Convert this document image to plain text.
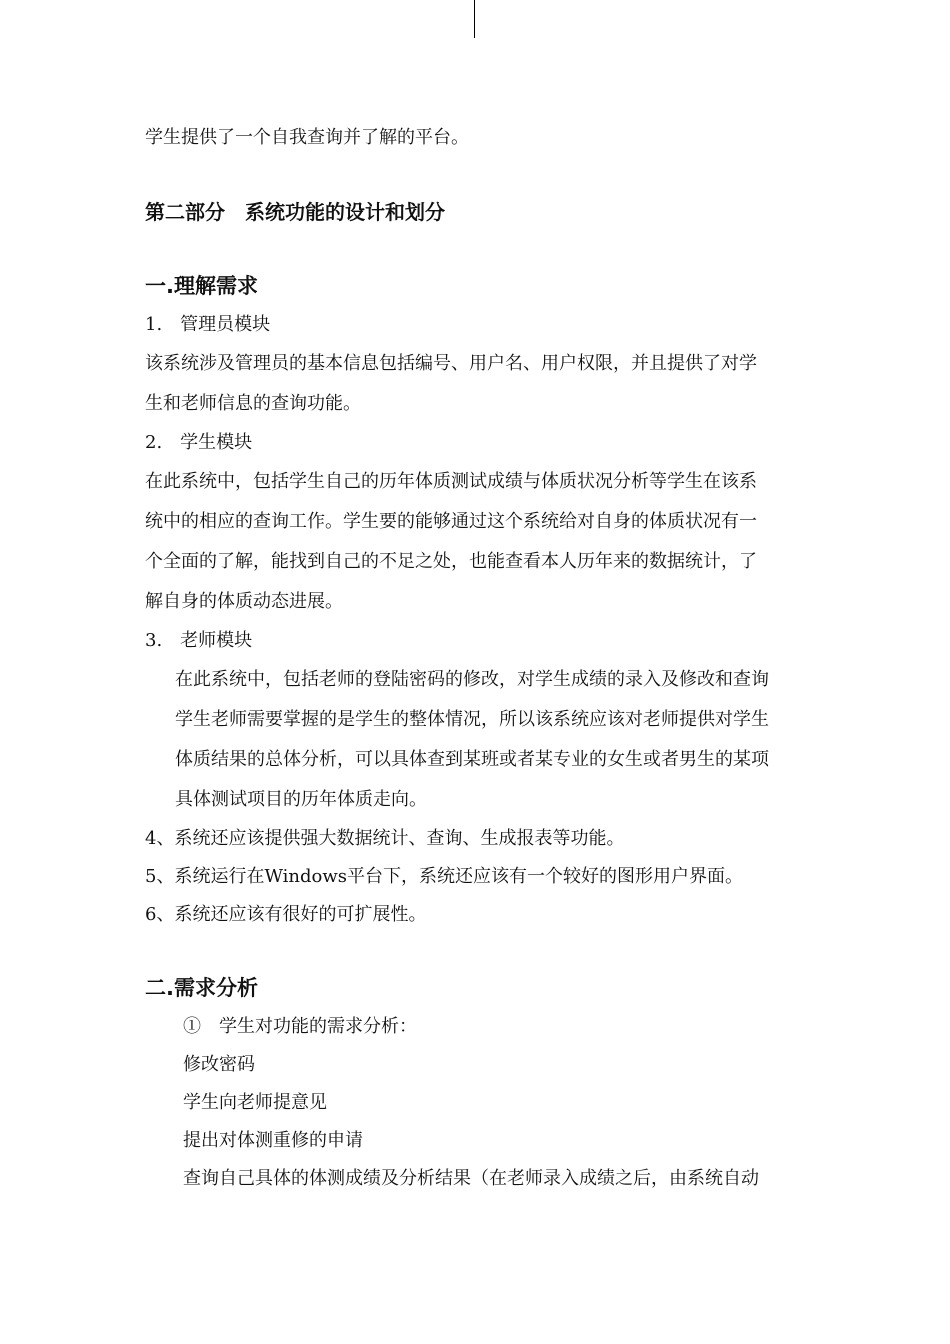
学生提供了一个自我查询并了解的平台。

第二部分　系统功能的设计和划分

一.理解需求

1.　管理员模块

该系统涉及管理员的基本信息包括编号、用户名、用户权限，并且提供了对学

生和老师信息的查询功能。

2.　学生模块

在此系统中，包括学生自己的历年体质测试成绩与体质状况分析等学生在该系

统中的相应的查询工作。学生要的能够通过这个系统给对自身的体质状况有一

个全面的了解，能找到自己的不足之处，也能查看本人历年来的数据统计，了

解自身的体质动态进展。

3.　老师模块

在此系统中，包括老师的登陆密码的修改，对学生成绩的录入及修改和查询

学生老师需要掌握的是学生的整体情况，所以该系统应该对老师提供对学生

体质结果的总体分析，可以具体查到某班或者某专业的女生或者男生的某项

具体测试项目的历年体质走向。

4、系统还应该提供强大数据统计、查询、生成报表等功能。

5、系统运行在Windows平台下，系统还应该有一个较好的图形用户界面。

6、系统还应该有很好的可扩展性。

二.需求分析

①　学生对功能的需求分析：

修改密码

学生向老师提意见

提出对体测重修的申请

查询自己具体的体测成绩及分析结果（在老师录入成绩之后，由系统自动
